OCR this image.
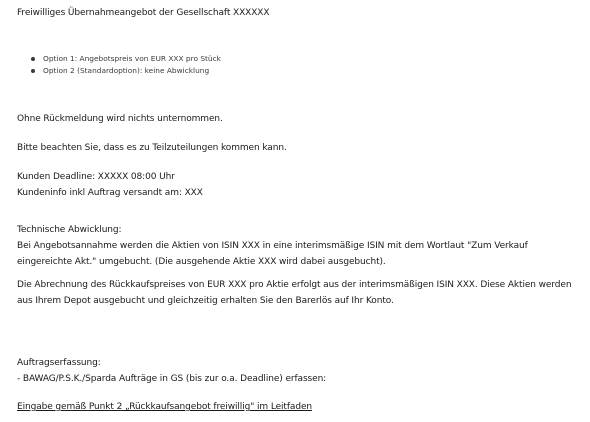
Freiwilliges Übernahmeangebot der Gesellschaft XXXXXX
Option 1: Angebotspreis von EUR XXX pro Stück
Option 2 (Standardoption): keine Abwicklung
Ohne Rückmeldung wird nichts unternommen.
Bitte beachten Sie, dass es zu Teilzuteilungen kommen kann.
Kunden Deadline: XXXXX 08:00 Uhr
Kundeninfo inkl Auftrag versandt am: XXX
Technische Abwicklung:
Bei Angebotsannahme werden die Aktien von ISIN XXX in eine interimsmäßige ISIN mit dem Wortlaut "Zum Verkauf eingereichte Akt." umgebucht. (Die ausgehende Aktie XXX wird dabei ausgebucht).
Die Abrechnung des Rückkaufspreises von EUR XXX pro Aktie erfolgt aus der interimsmäßigen ISIN XXX. Diese Aktien werden aus Ihrem Depot ausgebucht und gleichzeitig erhalten Sie den Barerlös auf Ihr Konto.
Auftragserfassung:
- BAWAG/P.S.K./Sparda Aufträge in GS (bis zur o.a. Deadline) erfassen:
Eingabe gemäß Punkt 2 „Rückkaufsangebot freiwillig" im Leitfaden
